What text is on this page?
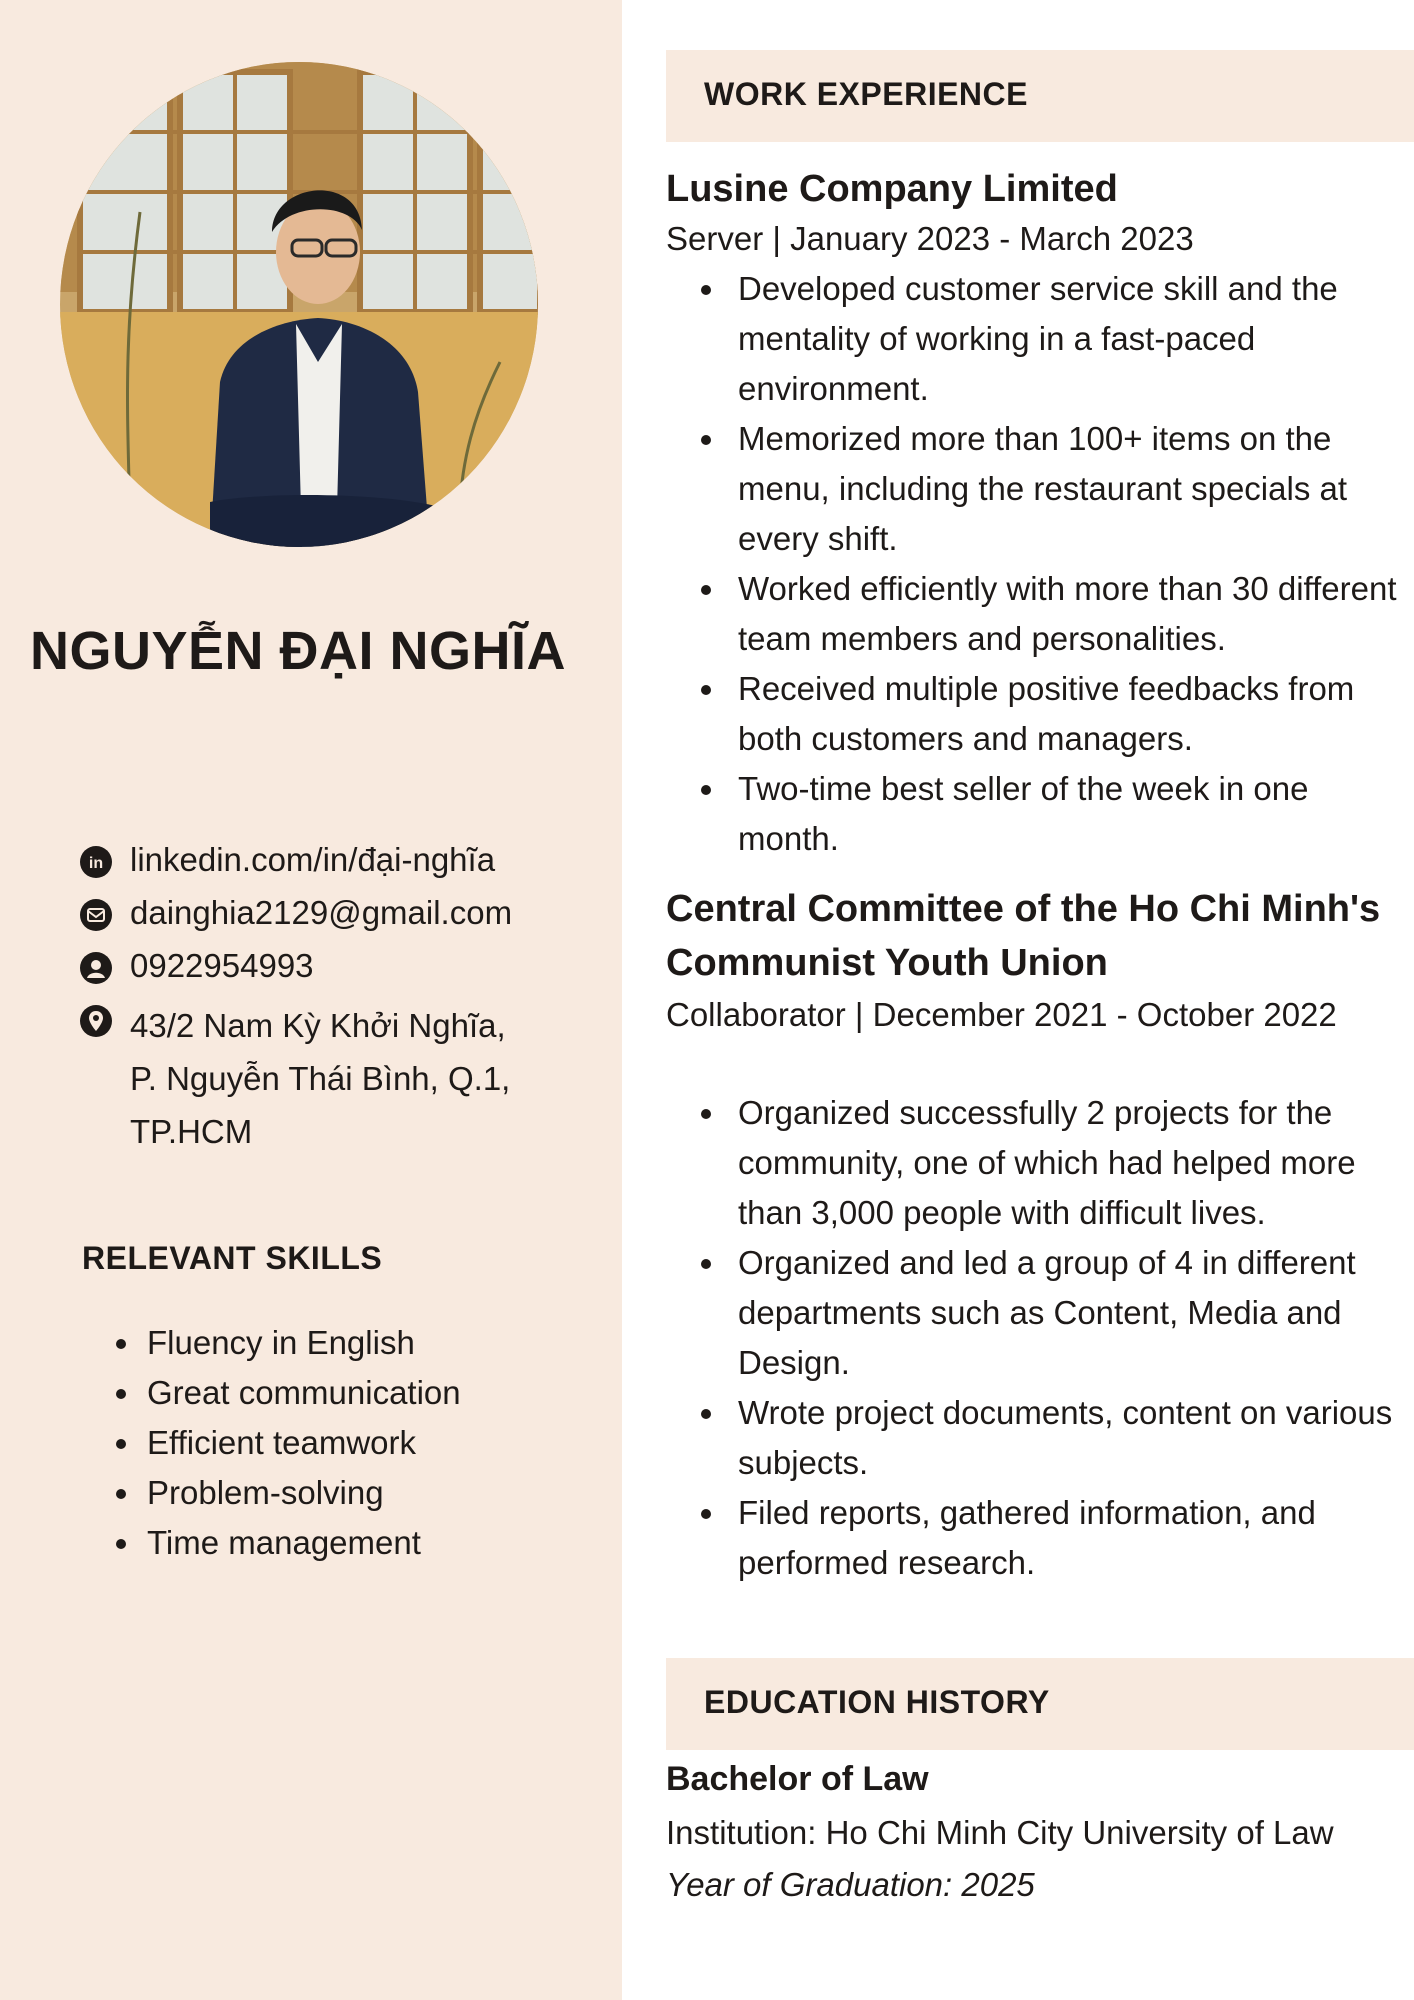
NGUYỄN ĐẠI NGHĨA
in linkedin.com/in/đại-nghĩa
dainghia2129@gmail.com
0922954993
43/2 Nam Kỳ Khởi Nghĩa,
P. Nguyễn Thái Bình, Q.1,
TP.HCM
RELEVANT SKILLS
• Fluency in English
• Great communication
• Efficient teamwork
• Problem-solving
• Time management
WORK EXPERIENCE
Lusine Company Limited
Server | January 2023 - March 2023
• Developed customer service skill and the mentality of working in a fast-paced environment.
• Memorized more than 100+ items on the menu, including the restaurant specials at every shift.
• Worked efficiently with more than 30 different team members and personalities.
• Received multiple positive feedbacks from both customers and managers.
• Two-time best seller of the week in one month.
Central Committee of the Ho Chi Minh's Communist Youth Union
Collaborator | December 2021 - October 2022
• Organized successfully 2 projects for the community, one of which had helped more than 3,000 people with difficult lives.
• Organized and led a group of 4 in different departments such as Content, Media and Design.
• Wrote project documents, content on various subjects.
• Filed reports, gathered information, and performed research.
EDUCATION HISTORY
Bachelor of Law
Institution: Ho Chi Minh City University of Law
Year of Graduation: 2025
